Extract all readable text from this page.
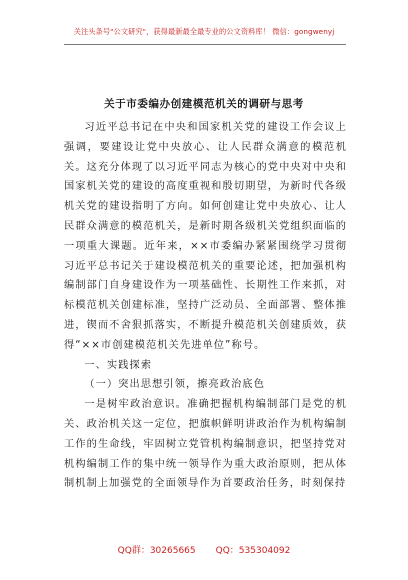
关注头条号"公文研究"，获得最新最全最专业的公文资料库！ 微信：gongwenyj
关于市委编办创建模范机关的调研与思考

习近平总书记在中央和国家机关党的建设工作会议上强调，要建设让党中央放心、让人民群众满意的模范机关。这充分体现了以习近平同志为核心的党中央对中央和国家机关党的建设的高度重视和殷切期望，为新时代各级机关党的建设指明了方向。如何创建让党中央放心、让人民群众满意的模范机关，是新时期各级机关党组织面临的一项重大课题。近年来，××市委编办紧紧围绕学习贯彻习近平总书记关于建设模范机关的重要论述，把加强机构编制部门自身建设作为一项基础性、长期性工作来抓，对标模范机关创建标准，坚持广泛动员、全面部署、整体推进，锲而不舍狠抓落实，不断提升模范机关创建质效，获得“××市创建模范机关先进单位”称号。

一、实践探索

（一）突出思想引领，擦亮政治底色

一是树牢政治意识。准确把握机构编制部门是党的机关、政治机关这一定位，把旗帜鲜明讲政治作为机构编制工作的生命线，牢固树立党管机构编制意识，把坚持党对机构编制工作的集中统一领导作为重大政治原则，把从体制机制上加强党的全面领导作为首要政治任务，时刻保持

QQ群：30265665 QQ：535304092
